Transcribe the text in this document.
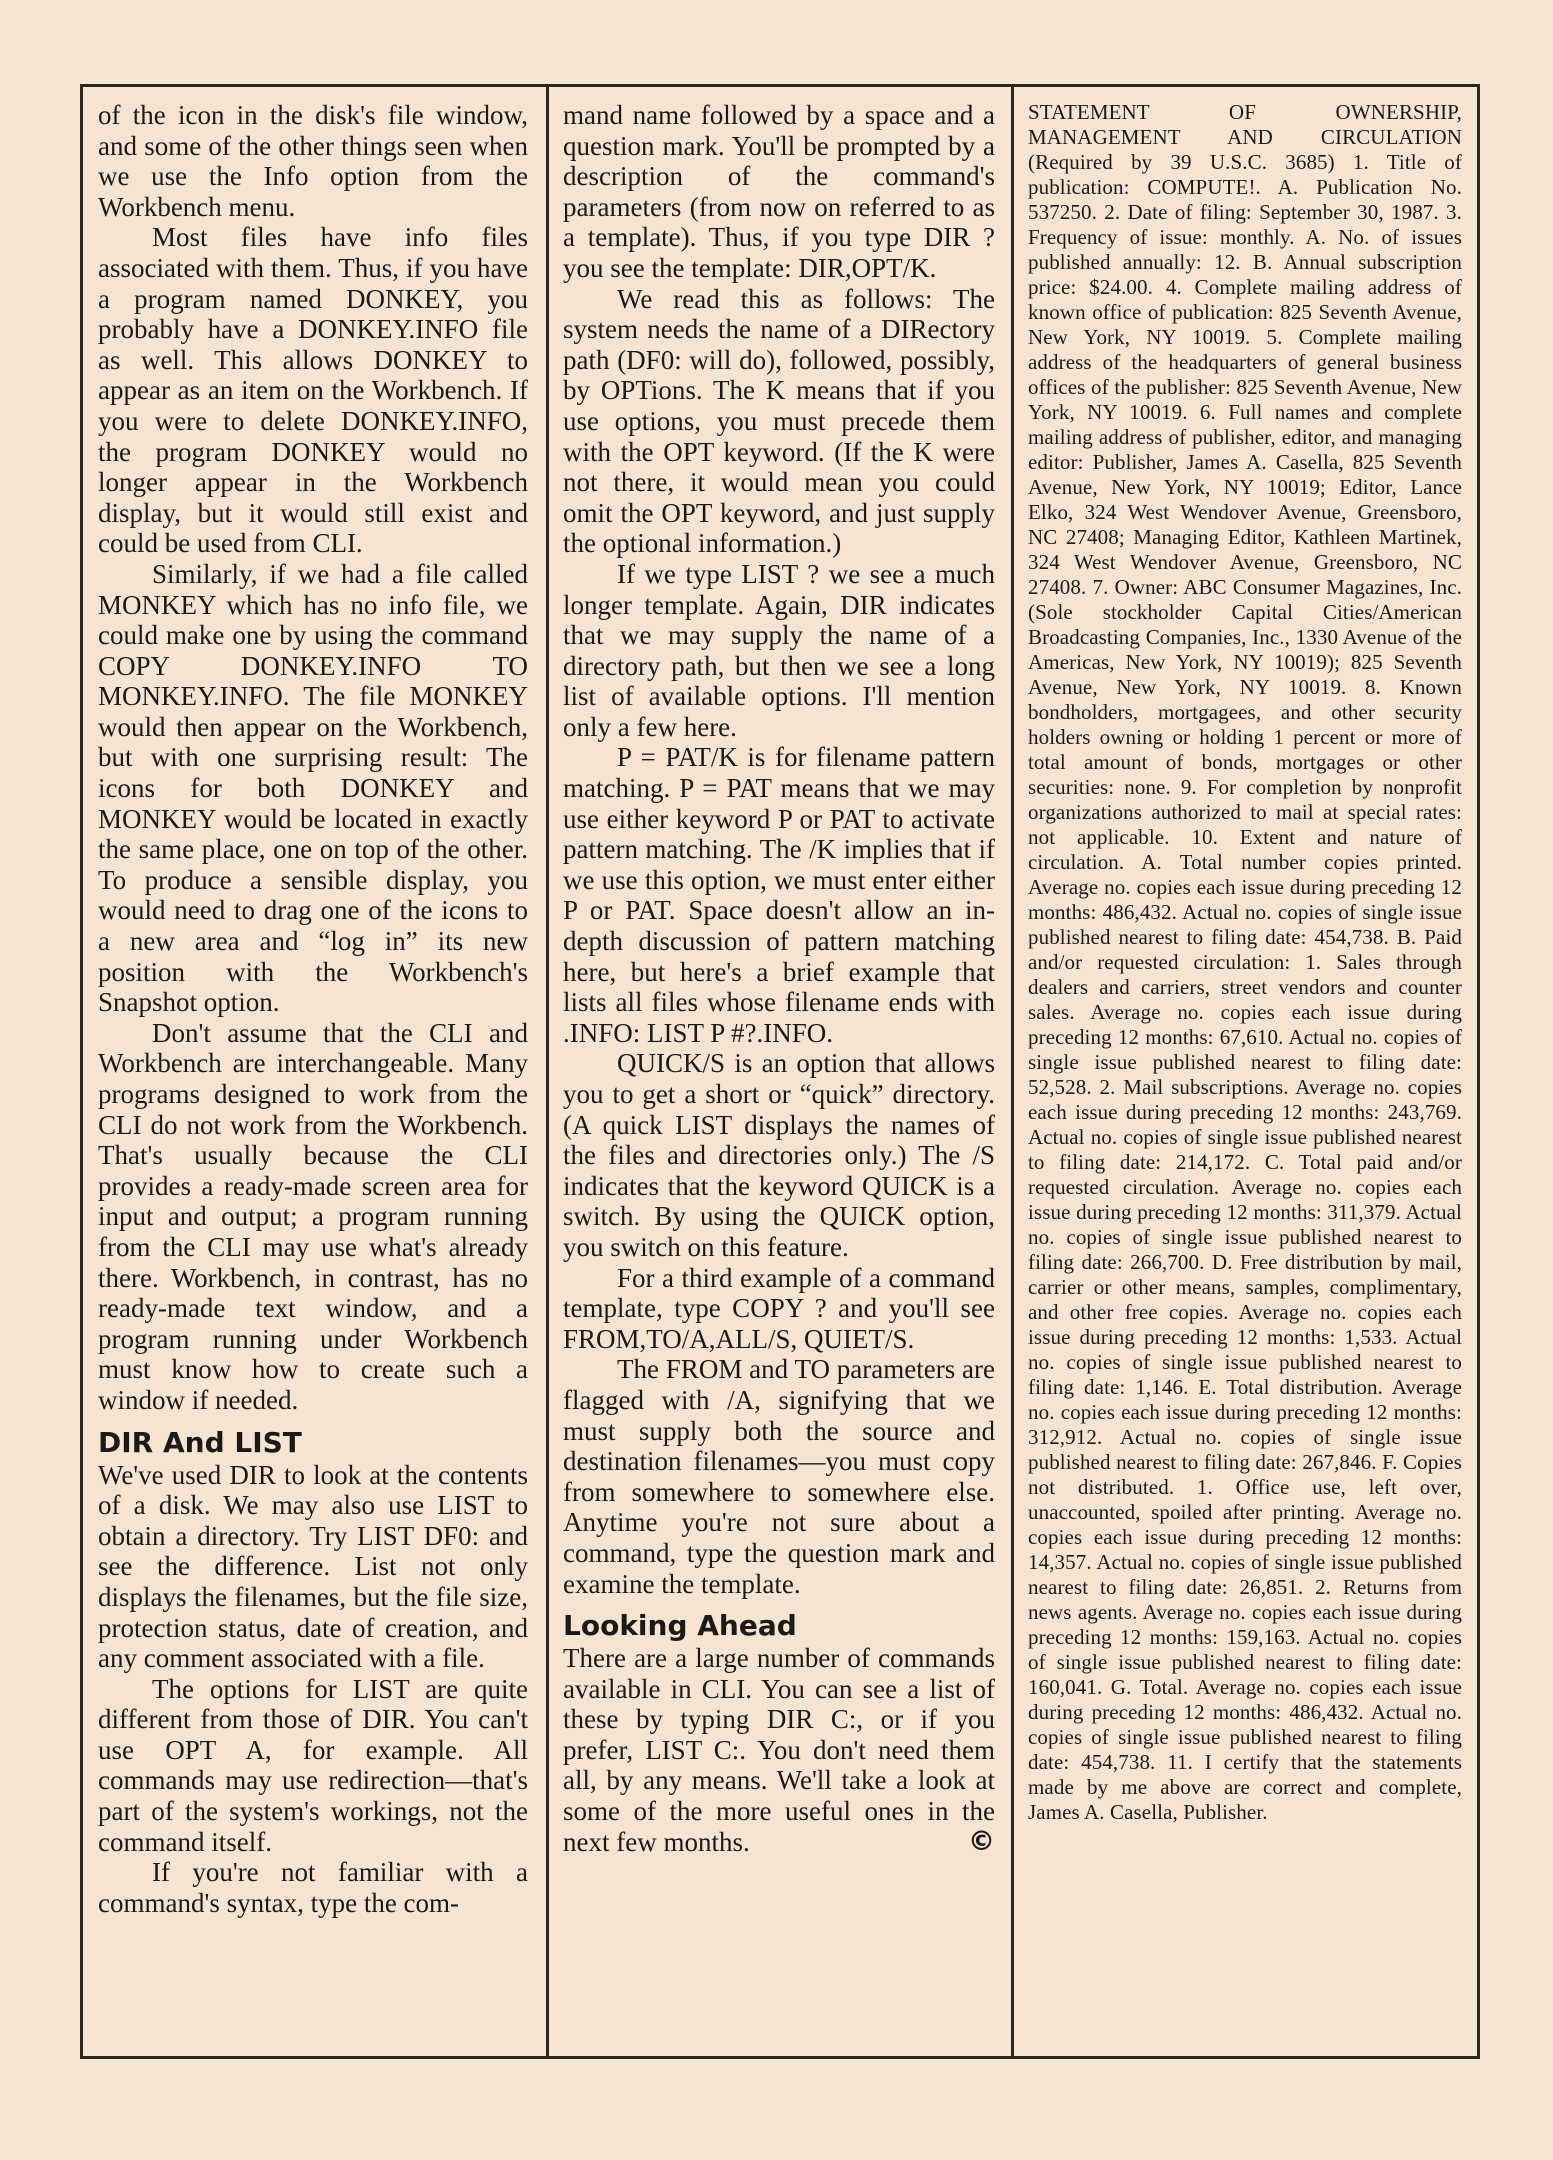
of the icon in the disk's file window, and some of the other things seen when we use the Info option from the Workbench menu.

Most files have info files associated with them. Thus, if you have a program named DONKEY, you probably have a DONKEY.INFO file as well. This allows DONKEY to appear as an item on the Workbench. If you were to delete DONKEY.INFO, the program DONKEY would no longer appear in the Workbench display, but it would still exist and could be used from CLI.

Similarly, if we had a file called MONKEY which has no info file, we could make one by using the command COPY DONKEY.INFO TO MONKEY.INFO. The file MONKEY would then appear on the Workbench, but with one surprising result: The icons for both DONKEY and MONKEY would be located in exactly the same place, one on top of the other. To produce a sensible display, you would need to drag one of the icons to a new area and “log in” its new position with the Workbench's Snapshot option.

Don't assume that the CLI and Workbench are interchangeable. Many programs designed to work from the CLI do not work from the Workbench. That's usually because the CLI provides a ready-made screen area for input and output; a program running from the CLI may use what's already there. Workbench, in contrast, has no ready-made text window, and a program running under Workbench must know how to create such a window if needed.

DIR And LIST

We've used DIR to look at the contents of a disk. We may also use LIST to obtain a directory. Try LIST DF0: and see the difference. List not only displays the filenames, but the file size, protection status, date of creation, and any comment associated with a file.

The options for LIST are quite different from those of DIR. You can't use OPT A, for example. All commands may use redirection—that's part of the system's workings, not the command itself.

If you're not familiar with a command's syntax, type the com-

mand name followed by a space and a question mark. You'll be prompted by a description of the command's parameters (from now on referred to as a template). Thus, if you type DIR ? you see the template: DIR,OPT/K.

We read this as follows: The system needs the name of a DIRectory path (DF0: will do), followed, possibly, by OPTions. The K means that if you use options, you must precede them with the OPT keyword. (If the K were not there, it would mean you could omit the OPT keyword, and just supply the optional information.)

If we type LIST ? we see a much longer template. Again, DIR indicates that we may supply the name of a directory path, but then we see a long list of available options. I'll mention only a few here.

P = PAT/K is for filename pattern matching. P = PAT means that we may use either keyword P or PAT to activate pattern matching. The /K implies that if we use this option, we must enter either P or PAT. Space doesn't allow an in-depth discussion of pattern matching here, but here's a brief example that lists all files whose filename ends with .INFO: LIST P #?.INFO.

QUICK/S is an option that allows you to get a short or “quick” directory. (A quick LIST displays the names of the files and directories only.) The /S indicates that the keyword QUICK is a switch. By using the QUICK option, you switch on this feature.

For a third example of a command template, type COPY ? and you'll see FROM,TO/A,ALL/S, QUIET/S.

The FROM and TO parameters are flagged with /A, signifying that we must supply both the source and destination filenames—you must copy from somewhere to somewhere else. Anytime you're not sure about a command, type the question mark and examine the template.

Looking Ahead

There are a large number of commands available in CLI. You can see a list of these by typing DIR C:, or if you prefer, LIST C:. You don't need them all, by any means. We'll take a look at some of the more useful ones in the next few months.	©

STATEMENT OF OWNERSHIP, MANAGEMENT AND CIRCULATION (Required by 39 U.S.C. 3685) 1. Title of publication: COMPUTE!. A. Publication No. 537250. 2. Date of filing: September 30, 1987. 3. Frequency of issue: monthly. A. No. of issues published annually: 12. B. Annual subscription price: $24.00. 4. Complete mailing address of known office of publication: 825 Seventh Avenue, New York, NY 10019. 5. Complete mailing address of the headquarters of general business offices of the publisher: 825 Seventh Avenue, New York, NY 10019. 6. Full names and complete mailing address of publisher, editor, and managing editor: Publisher, James A. Casella, 825 Seventh Avenue, New York, NY 10019; Editor, Lance Elko, 324 West Wendover Avenue, Greensboro, NC 27408; Managing Editor, Kathleen Martinek, 324 West Wendover Avenue, Greensboro, NC 27408. 7. Owner: ABC Consumer Magazines, Inc. (Sole stockholder Capital Cities/American Broadcasting Companies, Inc., 1330 Avenue of the Americas, New York, NY 10019); 825 Seventh Avenue, New York, NY 10019. 8. Known bondholders, mortgagees, and other security holders owning or holding 1 percent or more of total amount of bonds, mortgages or other securities: none. 9. For completion by nonprofit organizations authorized to mail at special rates: not applicable. 10. Extent and nature of circulation. A. Total number copies printed. Average no. copies each issue during preceding 12 months: 486,432. Actual no. copies of single issue published nearest to filing date: 454,738. B. Paid and/or requested circulation: 1. Sales through dealers and carriers, street vendors and counter sales. Average no. copies each issue during preceding 12 months: 67,610. Actual no. copies of single issue published nearest to filing date: 52,528. 2. Mail subscriptions. Average no. copies each issue during preceding 12 months: 243,769. Actual no. copies of single issue published nearest to filing date: 214,172. C. Total paid and/or requested circulation. Average no. copies each issue during preceding 12 months: 311,379. Actual no. copies of single issue published nearest to filing date: 266,700. D. Free distribution by mail, carrier or other means, samples, complimentary, and other free copies. Average no. copies each issue during preceding 12 months: 1,533. Actual no. copies of single issue published nearest to filing date: 1,146. E. Total distribution. Average no. copies each issue during preceding 12 months: 312,912. Actual no. copies of single issue published nearest to filing date: 267,846. F. Copies not distributed. 1. Office use, left over, unaccounted, spoiled after printing. Average no. copies each issue during preceding 12 months: 14,357. Actual no. copies of single issue published nearest to filing date: 26,851. 2. Returns from news agents. Average no. copies each issue during preceding 12 months: 159,163. Actual no. copies of single issue published nearest to filing date: 160,041. G. Total. Average no. copies each issue during preceding 12 months: 486,432. Actual no. copies of single issue published nearest to filing date: 454,738. 11. I certify that the statements made by me above are correct and complete, James A. Casella, Publisher.
